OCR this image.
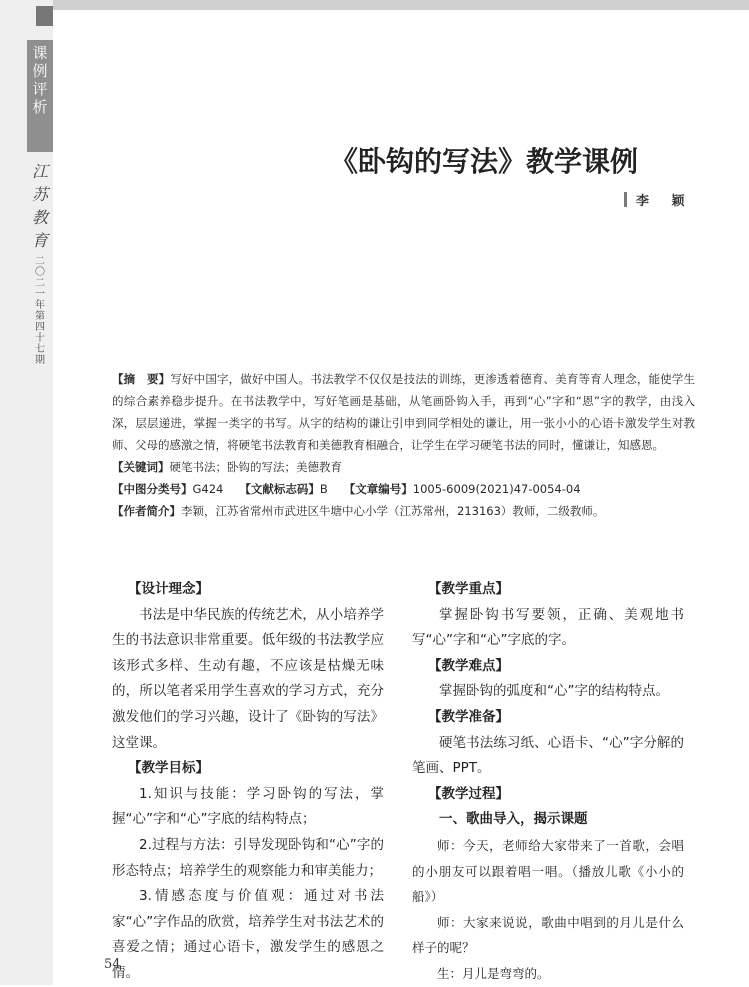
课
例
评
析
江
苏
教
育
二
〇
二
一
年
第
四
十
七
期
《卧钩的写法》教学课例
李 颖

【摘　要】写好中国字，做好中国人。书法教学不仅仅是技法的训练，更渗透着德育、美育等育人理念，能使学生的综合素养稳步提升。在书法教学中，写好笔画是基础，从笔画卧钩入手，再到“心”字和“恩”字的教学，由浅入深，层层递进，掌握一类字的书写。从字的结构的谦让引申到同学相处的谦让，用一张小小的心语卡激发学生对教师、父母的感激之情，将硬笔书法教育和美德教育相融合，让学生在学习硬笔书法的同时，懂谦让，知感恩。

【关键词】硬笔书法；卧钩的写法；美德教育

【中图分类号】G424 【文献标志码】B 【文章编号】1005-6009(2021)47-0054-04

【作者简介】李颖，江苏省常州市武进区牛塘中心小学（江苏常州，213163）教师，二级教师。

【设计理念】

书法是中华民族的传统艺术，从小培养学生的书法意识非常重要。低年级的书法教学应该形式多样、生动有趣，不应该是枯燥无味的，所以笔者采用学生喜欢的学习方式，充分激发他们的学习兴趣，设计了《卧钩的写法》这堂课。

【教学目标】

1.知识与技能：学习卧钩的写法，掌握“心”字和“心”字底的结构特点；

2.过程与方法：引导发现卧钩和“心”字的形态特点；培养学生的观察能力和审美能力；

3.情感态度与价值观：通过对书法家“心”字作品的欣赏，培养学生对书法艺术的喜爱之情；通过心语卡，激发学生的感恩之情。

【教学重点】

掌握卧钩书写要领，正确、美观地书写“心”字和“心”字底的字。

【教学难点】

掌握卧钩的弧度和“心”字的结构特点。

【教学准备】

硬笔书法练习纸、心语卡、“心”字分解的笔画、PPT。

【教学过程】

一、歌曲导入，揭示课题

师：今天，老师给大家带来了一首歌，会唱的小朋友可以跟着唱一唱。（播放儿歌《小小的船》）

师：大家来说说，歌曲中唱到的月儿是什么样子的呢？

生：月儿是弯弯的。

54
